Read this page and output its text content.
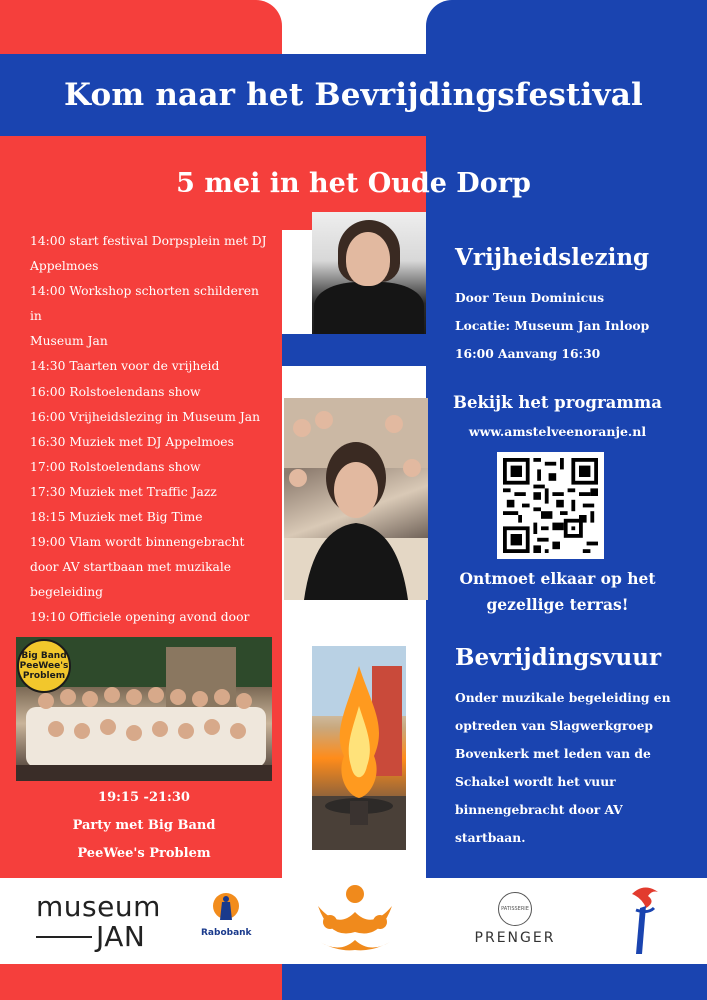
Kom naar het Bevrijdingsfestival
5 mei in het Oude Dorp
14:00 start festival Dorpsplein met DJ
Appelmoes
14:00 Workshop schorten schilderen in
Museum Jan
14:30 Taarten voor de vrijheid
16:00 Rolstoelendans show
16:00 Vrijheidslezing in Museum Jan
16:30 Muziek met DJ Appelmoes
17:00 Rolstoelendans show
17:30 Muziek met Traffic Jazz
18:15 Muziek met Big Time
19:00 Vlam wordt binnengebracht
door AV startbaan met muzikale
begeleiding
19:10 Officiele opening avond door
Big Band PeeWee's Problem
19:15 -21:30
Party met Big Band
PeeWee's Problem
Vrijheidslezing
Door Teun Dominicus
Locatie: Museum Jan Inloop
16:00 Aanvang 16:30
Bekijk het programma
www.amstelveenoranje.nl
Ontmoet elkaar op het
gezellige terras!
Bevrijdingsvuur
Onder muzikale begeleiding en
optreden van Slagwerkgroep
Bovenkerk met leden van de
Schakel wordt het vuur
binnengebracht door AV
startbaan.
museum
JAN	Rabobank
PATISSERIE
PRENGER
